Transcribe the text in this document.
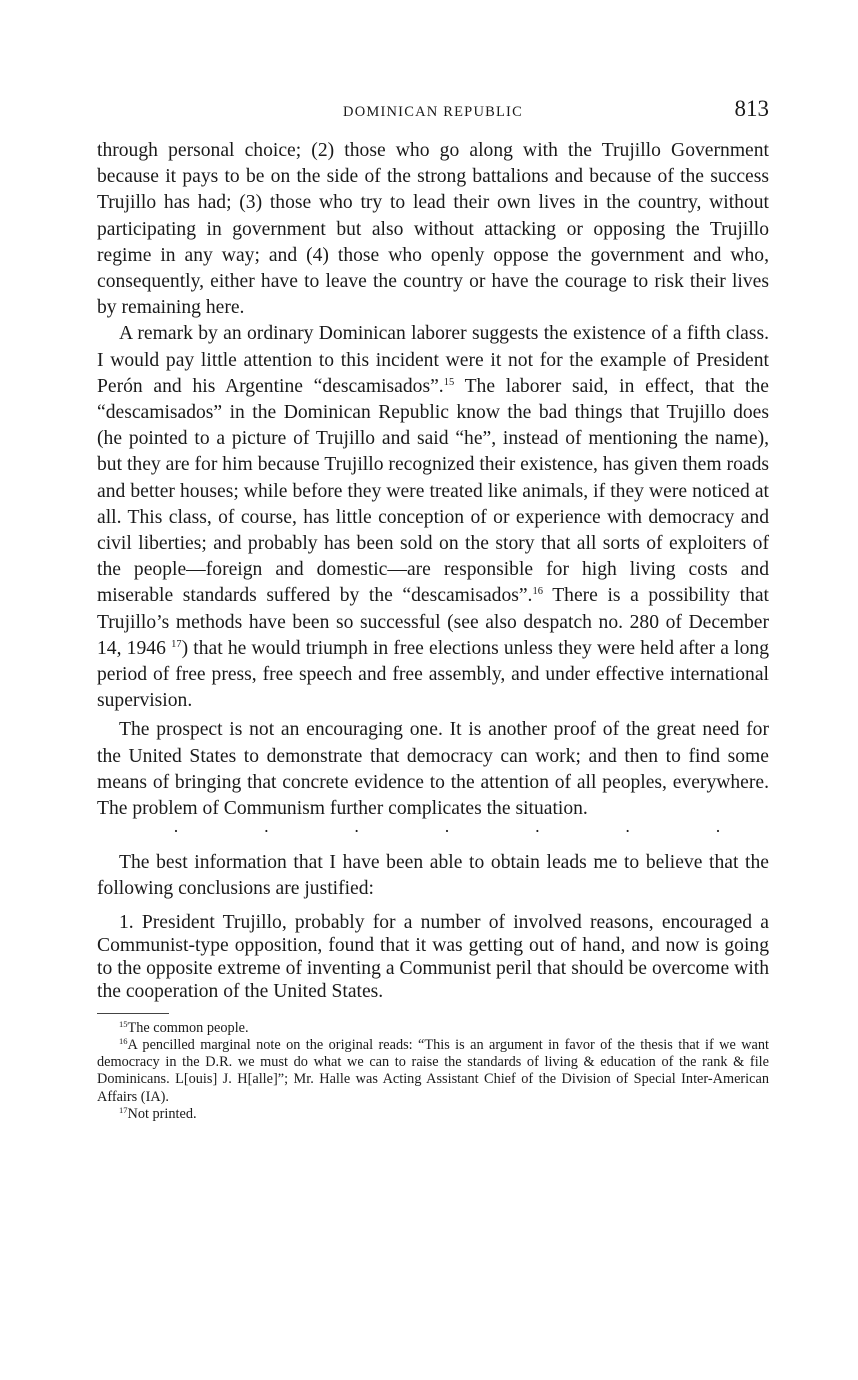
DOMINICAN REPUBLIC	813

through personal choice; (2) those who go along with the Trujillo Government because it pays to be on the side of the strong battalions and because of the success Trujillo has had; (3) those who try to lead their own lives in the country, without participating in government but also without attacking or opposing the Trujillo regime in any way; and (4) those who openly oppose the government and who, consequently, either have to leave the country or have the courage to risk their lives by remaining here.

A remark by an ordinary Dominican laborer suggests the existence of a fifth class. I would pay little attention to this incident were it not for the example of President Perón and his Argentine “descamisados”.$^{15}$ The laborer said, in effect, that the “descamisados” in the Dominican Republic know the bad things that Trujillo does (he pointed to a picture of Trujillo and said “he”, instead of mentioning the name), but they are for him because Trujillo recognized their existence, has given them roads and better houses; while before they were treated like animals, if they were noticed at all. This class, of course, has little conception of or experience with democracy and civil liberties; and probably has been sold on the story that all sorts of exploiters of the people—foreign and domestic—are responsible for high living costs and miserable standards suffered by the “descamisados”.$^{16}$ There is a possibility that Trujillo’s methods have been so successful (see also despatch no. 280 of December 14, 1946 $^{17}$) that he would triumph in free elections unless they were held after a long period of free press, free speech and free assembly, and under effective international supervision.

The prospect is not an encouraging one. It is another proof of the great need for the United States to demonstrate that democracy can work; and then to find some means of bringing that concrete evidence to the attention of all peoples, everywhere. The problem of Communism further complicates the situation.

·	·	·	·	·	·	·

The best information that I have been able to obtain leads me to believe that the following conclusions are justified:

1. President Trujillo, probably for a number of involved reasons, encouraged a Communist-type opposition, found that it was getting out of hand, and now is going to the opposite extreme of inventing a Communist peril that should be overcome with the cooperation of the United States.

$^{15}$The common people.

$^{16}$A pencilled marginal note on the original reads: “This is an argument in favor of the thesis that if we want democracy in the D.R. we must do what we can to raise the standards of living & education of the rank & file Dominicans. L[ouis] J. H[alle]”; Mr. Halle was Acting Assistant Chief of the Division of Special Inter-American Affairs (IA).

$^{17}$Not printed.
